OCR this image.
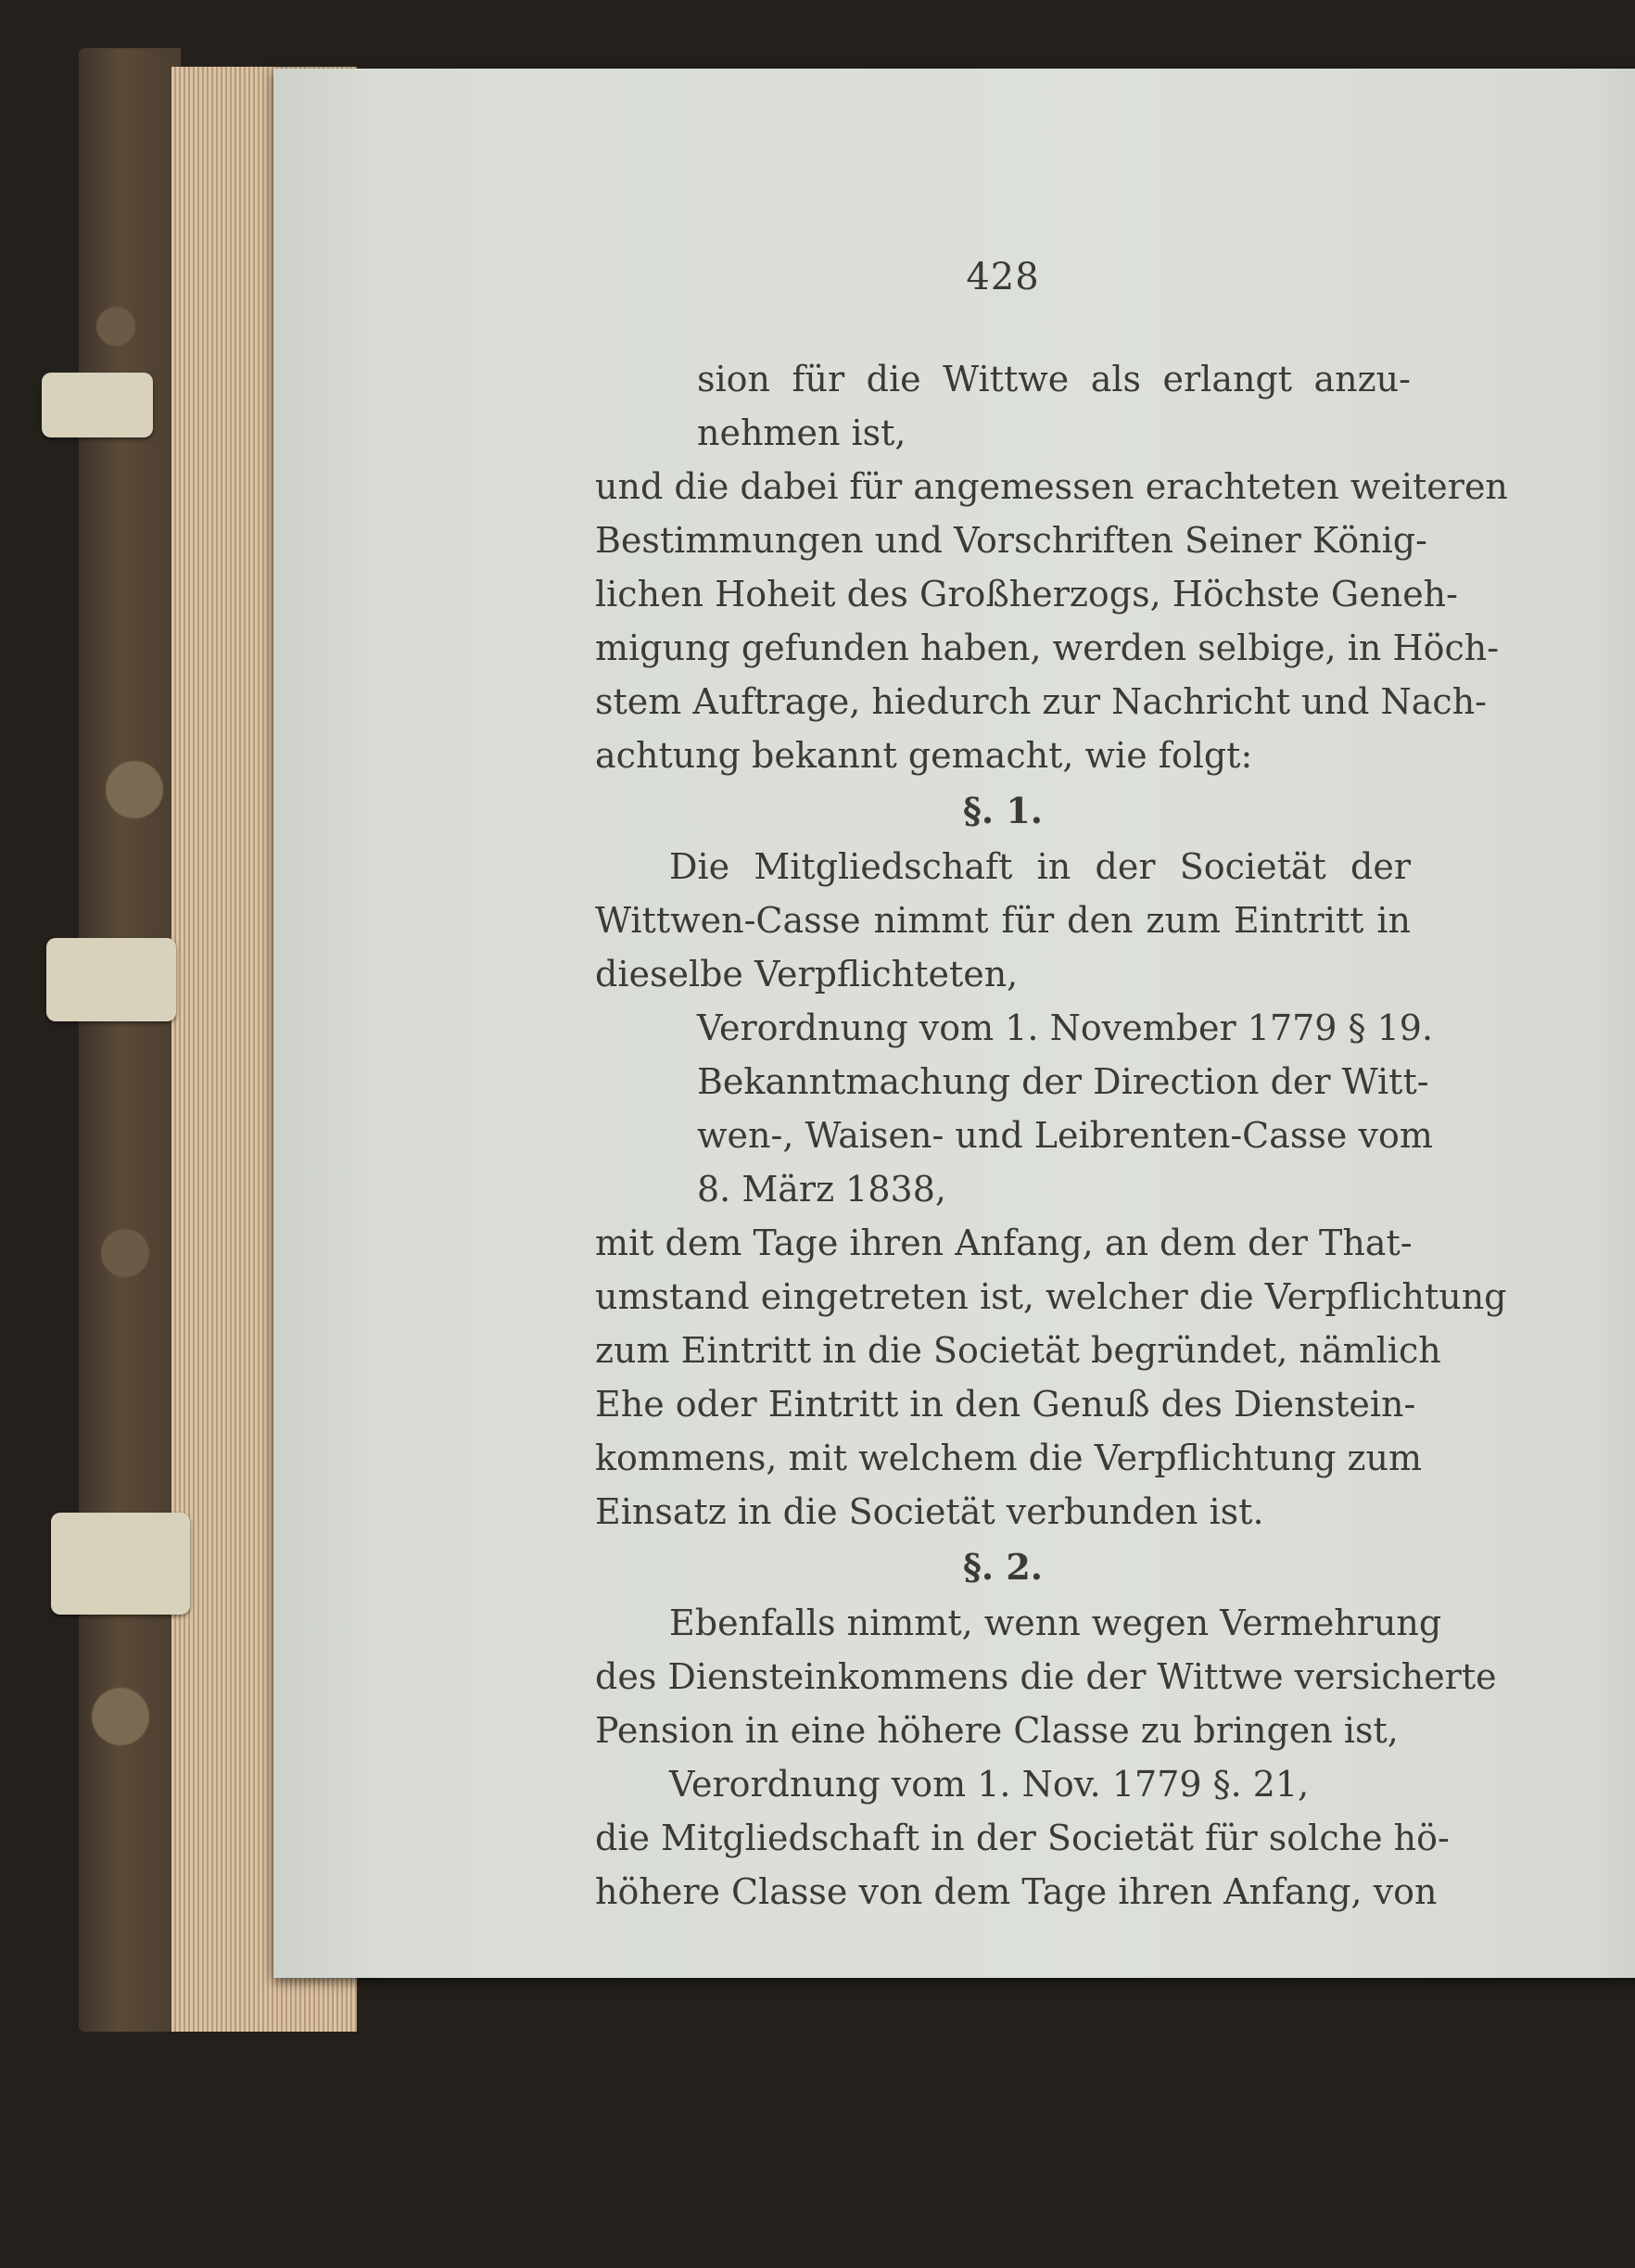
428
sion für die Wittwe als erlangt anzu-
nehmen ist,
und die dabei für angemessen erachteten weiteren
Bestimmungen und Vorschriften Seiner König-
lichen Hoheit des Großherzogs, Höchste Geneh-
migung gefunden haben, werden selbige, in Höch-
stem Auftrage, hiedurch zur Nachricht und Nach-
achtung bekannt gemacht, wie folgt:
§. 1.
Die Mitgliedschaft in der Societät der
Wittwen-Casse nimmt für den zum Eintritt in
dieselbe Verpflichteten,
Verordnung vom 1. November 1779 § 19.
Bekanntmachung der Direction der Witt-
wen-, Waisen- und Leibrenten-Casse vom
8. März 1838,
mit dem Tage ihren Anfang, an dem der That-
umstand eingetreten ist, welcher die Verpflichtung
zum Eintritt in die Societät begründet, nämlich
Ehe oder Eintritt in den Genuß des Dienstein-
kommens, mit welchem die Verpflichtung zum
Einsatz in die Societät verbunden ist.
§. 2.
Ebenfalls nimmt, wenn wegen Vermehrung
des Diensteinkommens die der Wittwe versicherte
Pension in eine höhere Classe zu bringen ist,
Verordnung vom 1. Nov. 1779 §. 21,
die Mitgliedschaft in der Societät für solche hö-
höhere Classe von dem Tage ihren Anfang, von
